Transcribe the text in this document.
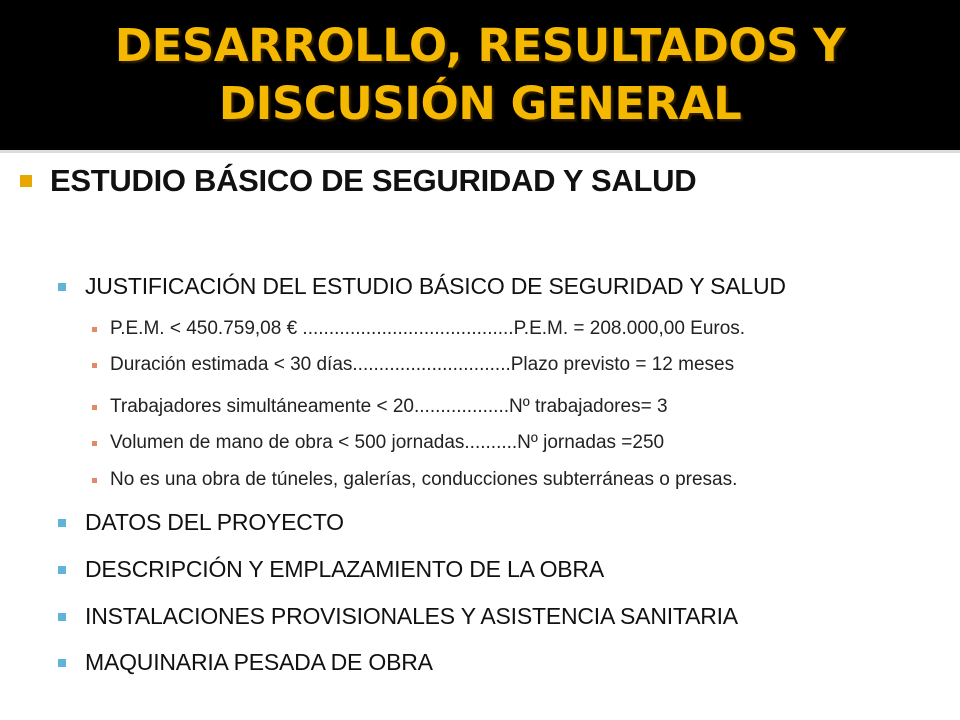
DESARROLLO, RESULTADOS Y
DISCUSIÓN GENERAL
ESTUDIO BÁSICO DE SEGURIDAD Y SALUD
JUSTIFICACIÓN DEL ESTUDIO BÁSICO DE SEGURIDAD Y SALUD
P.E.M. < 450.759,08 € ........................................P.E.M. = 208.000,00 Euros.
Duración estimada < 30 días..............................Plazo previsto = 12 meses
Trabajadores simultáneamente < 20..................Nº trabajadores= 3
Volumen de mano de obra < 500 jornadas..........Nº jornadas =250
No es una obra de túneles, galerías, conducciones subterráneas o presas.
DATOS DEL PROYECTO
DESCRIPCIÓN Y EMPLAZAMIENTO DE LA OBRA
INSTALACIONES PROVISIONALES Y ASISTENCIA SANITARIA
MAQUINARIA PESADA DE OBRA
